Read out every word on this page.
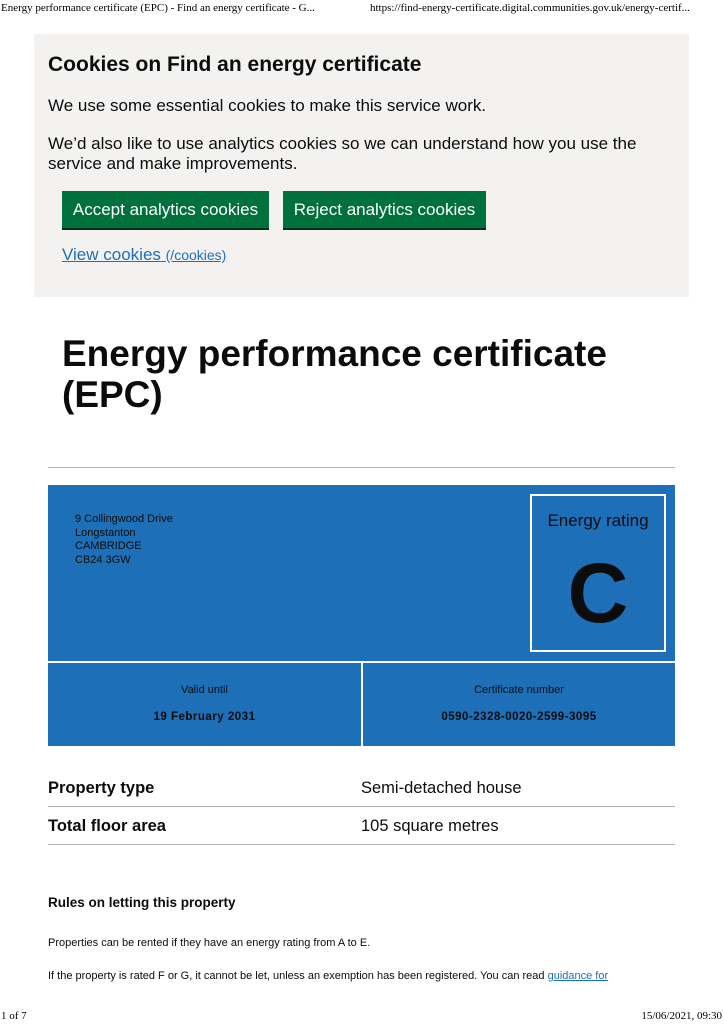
Energy performance certificate (EPC) - Find an energy certificate - G...	https://find-energy-certificate.digital.communities.gov.uk/energy-certif...
Cookies on Find an energy certificate

We use some essential cookies to make this service work.

We’d also like to use analytics cookies so we can understand how you use the service and make improvements.

Accept analytics cookies	Reject analytics cookies
View cookies (/cookies)
Energy performance certificate (EPC)
9 Collingwood Drive
Longstanton
CAMBRIDGE
CB24 3GW
Energy rating
C
Valid until
19 February 2031
Certificate number
0590-2328-0020-2599-3095
Property type	Semi-detached house
Total floor area	105 square metres
Rules on letting this property

Properties can be rented if they have an energy rating from A to E.

If the property is rated F or G, it cannot be let, unless an exemption has been registered. You can read guidance for

1 of 7	15/06/2021, 09:30
